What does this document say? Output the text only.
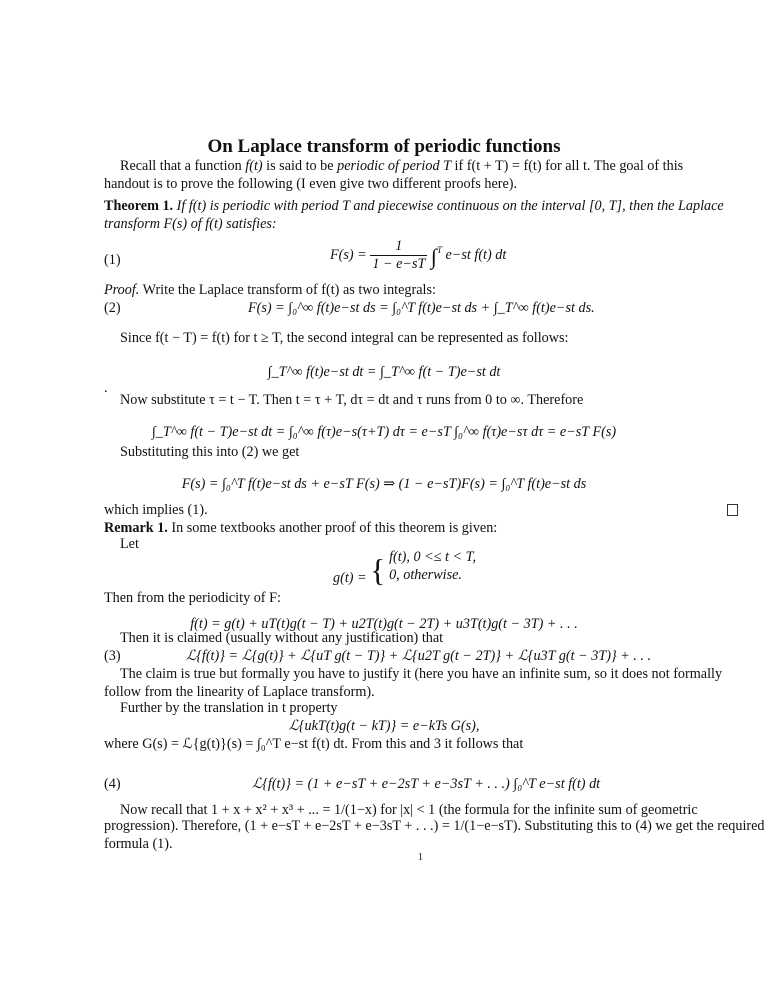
On Laplace transform of periodic functions
Recall that a function f(t) is said to be periodic of period T if f(t + T) = f(t) for all t. The goal of this
handout is to prove the following (I even give two different proofs here).
Theorem 1. If f(t) is periodic with period T and piecewise continuous on the interval [0, T], then the Laplace
transform F(s) of f(t) satisfies:
(1)	$F(s) = \frac{1}{1 - e-sT} \int^T$ e−st f(t) dt
Proof. Write the Laplace transform of f(t) as two integrals:
(2)	F(s) = ∫₀^∞ f(t)e−st ds = ∫₀^T f(t)e−st ds + ∫_T^∞ f(t)e−st ds.
Since f(t − T) = f(t) for t ≥ T, the second integral can be represented as follows:
∫_T^∞ f(t)e−st dt = ∫_T^∞ f(t − T)e−st dt
.
Now substitute τ = t − T. Then t = τ + T, dτ = dt and τ runs from 0 to ∞. Therefore
∫_T^∞ f(t − T)e−st dt = ∫₀^∞ f(τ)e−s(τ+T) dτ = e−sT ∫₀^∞ f(τ)e−sτ dτ = e−sT F(s)
Substituting this into (2) we get
F(s) = ∫₀^T f(t)e−st ds + e−sT F(s) ⇒ (1 − e−sT)F(s) = ∫₀^T f(t)e−st ds
which implies (1).
Remark 1. In some textbooks another proof of this theorem is given:
Let
g(t) = { f(t), 0 <≤ t < T,
0, otherwise.
Then from the periodicity of F:
f(t) = g(t) + uT(t)g(t − T) + u2T(t)g(t − 2T) + u3T(t)g(t − 3T) + . . .
Then it is claimed (usually without any justification) that
(3)	ℒ{f(t)} = ℒ{g(t)} + ℒ{uT g(t − T)} + ℒ{u2T g(t − 2T)} + ℒ{u3T g(t − 3T)} + . . .
The claim is true but formally you have to justify it (here you have an infinite sum, so it does not formally
follow from the linearity of Laplace transform).
Further by the translation in t property
ℒ{ukT(t)g(t − kT)} = e−kTs G(s),
where G(s) = ℒ{g(t)}(s) = ∫₀^T e−st f(t) dt. From this and 3 it follows that
(4)	ℒ{f(t)} = (1 + e−sT + e−2sT + e−3sT + . . .) ∫₀^T e−st f(t) dt
Now recall that 1 + x + x² + x³ + ... = 1/(1−x) for |x| < 1 (the formula for the infinite sum of geometric
progression). Therefore, (1 + e−sT + e−2sT + e−3sT + . . .) = 1/(1−e−sT). Substituting this to (4) we get the required
formula (1).
1
